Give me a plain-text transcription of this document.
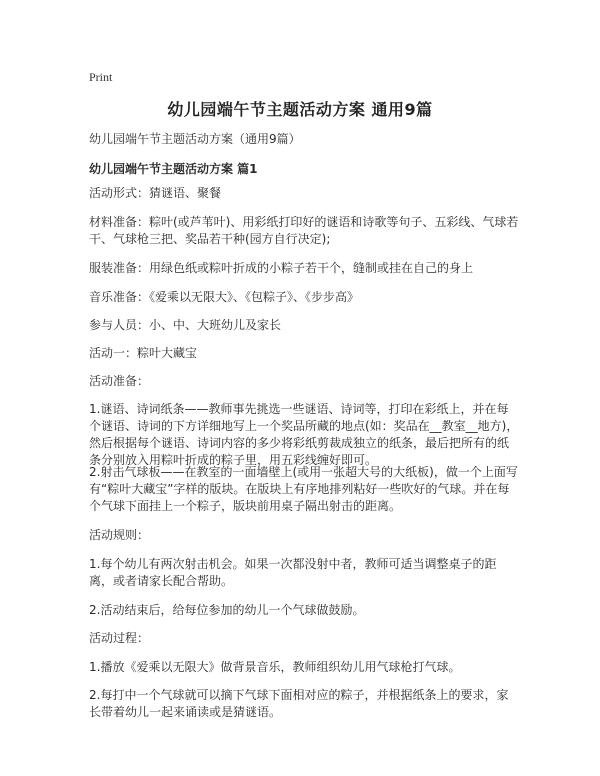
Print
幼儿园端午节主题活动方案 通用9篇

幼儿园端午节主题活动方案（通用9篇）

幼儿园端午节主题活动方案 篇1

活动形式：猜谜语、聚餐

材料准备：粽叶(或芦苇叶)、用彩纸打印好的谜语和诗歌等句子、五彩线、气球若干、气球枪三把、奖品若干种(园方自行决定);

服装准备：用绿色纸或粽叶折成的小粽子若干个，缝制或挂在自己的身上

音乐准备：《爱乘以无限大》、《包粽子》、《步步高》

参与人员：小、中、大班幼儿及家长

活动一：粽叶大藏宝

活动准备：

1.谜语、诗词纸条——教师事先挑选一些谜语、诗词等，打印在彩纸上，并在每个谜语、诗词的下方详细地写上一个奖品所藏的地点(如：奖品在__教室__地方)，然后根据每个谜语、诗词内容的多少将彩纸剪裁成独立的纸条，最后把所有的纸条分别放入用粽叶折成的粽子里，用五彩线缠好即可。

2.射击气球板——在教室的一面墙壁上(或用一张超大号的大纸板)，做一个上面写有“粽叶大藏宝”字样的版块。在版块上有序地排列粘好一些吹好的气球。并在每个气球下面挂上一个粽子，版块前用桌子隔出射击的距离。

活动规则：

1.每个幼儿有两次射击机会。如果一次都没射中者，教师可适当调整桌子的距离，或者请家长配合帮助。

2.活动结束后，给每位参加的幼儿一个气球做鼓励。

活动过程：

1.播放《爱乘以无限大》做背景音乐，教师组织幼儿用气球枪打气球。

2.每打中一个气球就可以摘下气球下面相对应的粽子，并根据纸条上的要求，家长带着幼儿一起来诵读或是猜谜语。
